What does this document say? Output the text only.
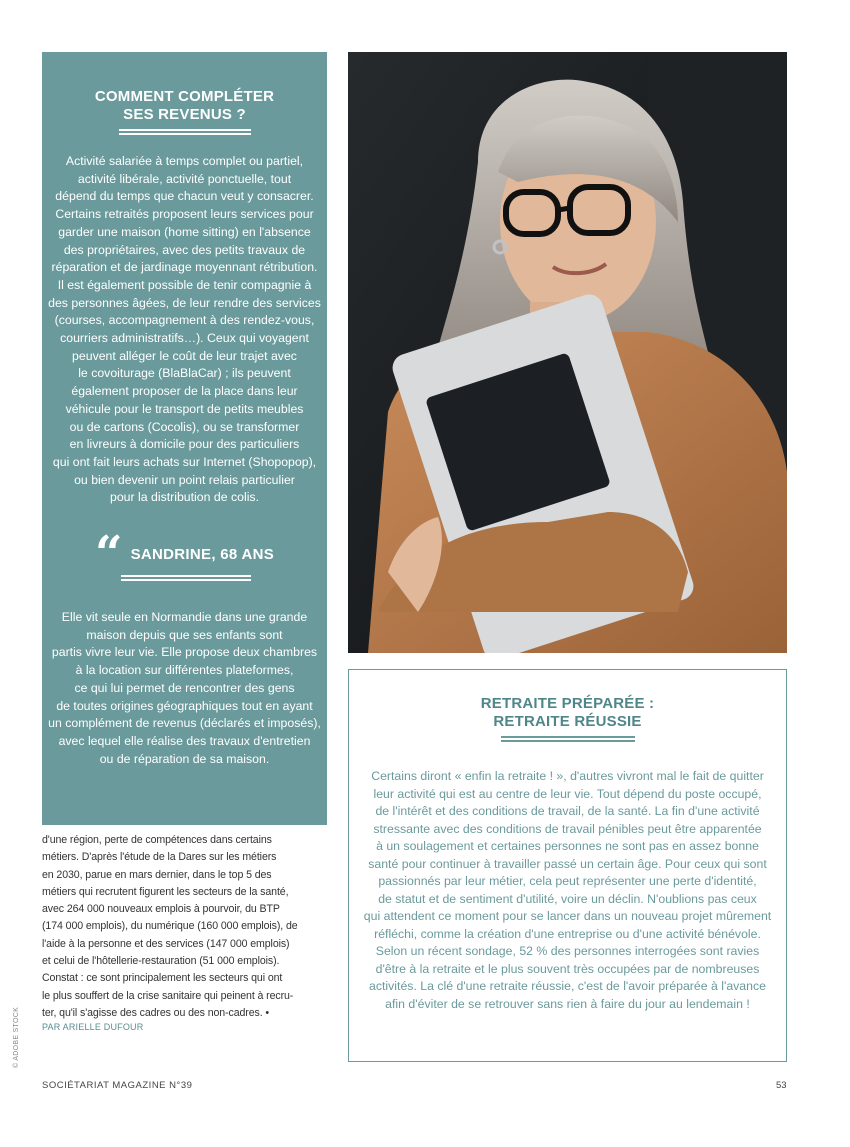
COMMENT COMPLÉTER
SES REVENUS ?

Activité salariée à temps complet ou partiel,
activité libérale, activité ponctuelle, tout
dépend du temps que chacun veut y consacrer.
Certains retraités proposent leurs services pour
garder une maison (home sitting) en l'absence
des propriétaires, avec des petits travaux de
réparation et de jardinage moyennant rétribution.
Il est également possible de tenir compagnie à
des personnes âgées, de leur rendre des services
(courses, accompagnement à des rendez-vous,
courriers administratifs…). Ceux qui voyagent
peuvent alléger le coût de leur trajet avec
le covoiturage (BlaBlaCar) ; ils peuvent
également proposer de la place dans leur
véhicule pour le transport de petits meubles
ou de cartons (Cocolis), ou se transformer
en livreurs à domicile pour des particuliers
qui ont fait leurs achats sur Internet (Shopopop),
ou bien devenir un point relais particulier
pour la distribution de colis.

“ SANDRINE, 68 ANS

Elle vit seule en Normandie dans une grande
maison depuis que ses enfants sont
partis vivre leur vie. Elle propose deux chambres
à la location sur différentes plateformes,
ce qui lui permet de rencontrer des gens
de toutes origines géographiques tout en ayant
un complément de revenus (déclarés et imposés),
avec lequel elle réalise des travaux d'entretien
ou de réparation de sa maison.

RETRAITE PRÉPARÉE :
RETRAITE RÉUSSIE

Certains diront « enfin la retraite ! », d'autres vivront mal le fait de quitter
leur activité qui est au centre de leur vie. Tout dépend du poste occupé,
de l'intérêt et des conditions de travail, de la santé. La fin d'une activité
stressante avec des conditions de travail pénibles peut être apparentée
à un soulagement et certaines personnes ne sont pas en assez bonne
santé pour continuer à travailler passé un certain âge. Pour ceux qui sont
passionnés par leur métier, cela peut représenter une perte d'identité,
de statut et de sentiment d'utilité, voire un déclin. N'oublions pas ceux
qui attendent ce moment pour se lancer dans un nouveau projet mûrement
réfléchi, comme la création d'une entreprise ou d'une activité bénévole.
Selon un récent sondage, 52 % des personnes interrogées sont ravies
d'être à la retraite et le plus souvent très occupées par de nombreuses
activités. La clé d'une retraite réussie, c'est de l'avoir préparée à l'avance
afin d'éviter de se retrouver sans rien à faire du jour au lendemain !

d'une région, perte de compétences dans certains
métiers. D'après l'étude de la Dares sur les métiers
en 2030, parue en mars dernier, dans le top 5 des
métiers qui recrutent figurent les secteurs de la santé,
avec 264 000 nouveaux emplois à pourvoir, du BTP
(174 000 emplois), du numérique (160 000 emplois), de
l'aide à la personne et des services (147 000 emplois)
et celui de l'hôtellerie-restauration (51 000 emplois).
Constat : ce sont principalement les secteurs qui ont
le plus souffert de la crise sanitaire qui peinent à recru-
ter, qu'il s'agisse des cadres ou des non-cadres. •

PAR ARIELLE DUFOUR
© ADOBE STOCK
SOCIÉTARIAT MAGAZINE N°39	53
